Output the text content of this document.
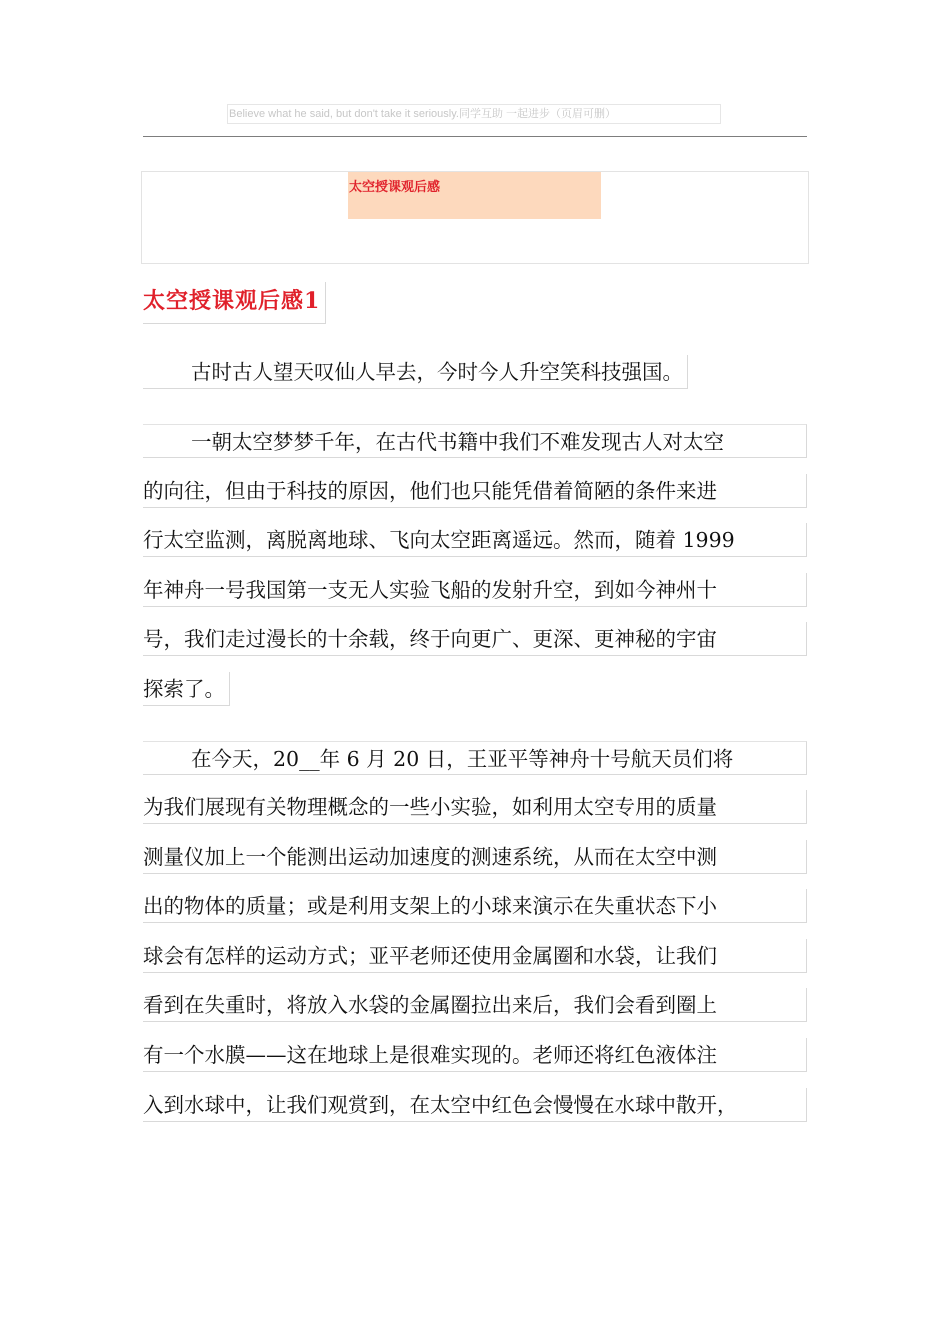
Believe what he said, but don't take it seriously.同学互助 一起进步（页眉可删）
太空授课观后感
太空授课观后感1
古时古人望天叹仙人早去，今时今人升空笑科技强国。
一朝太空梦梦千年，在古代书籍中我们不难发现古人对太空
的向往，但由于科技的原因，他们也只能凭借着简陋的条件来进
行太空监测，离脱离地球、飞向太空距离遥远。然而，随着 1999
年神舟一号我国第一支无人实验飞船的发射升空，到如今神州十
号，我们走过漫长的十余载，终于向更广、更深、更神秘的宇宙
探索了。
在今天，20__年 6 月 20 日，王亚平等神舟十号航天员们将
为我们展现有关物理概念的一些小实验，如利用太空专用的质量
测量仪加上一个能测出运动加速度的测速系统，从而在太空中测
出的物体的质量；或是利用支架上的小球来演示在失重状态下小
球会有怎样的运动方式；亚平老师还使用金属圈和水袋，让我们
看到在失重时，将放入水袋的金属圈拉出来后，我们会看到圈上
有一个水膜——这在地球上是很难实现的。老师还将红色液体注
入到水球中，让我们观赏到，在太空中红色会慢慢在水球中散开，
